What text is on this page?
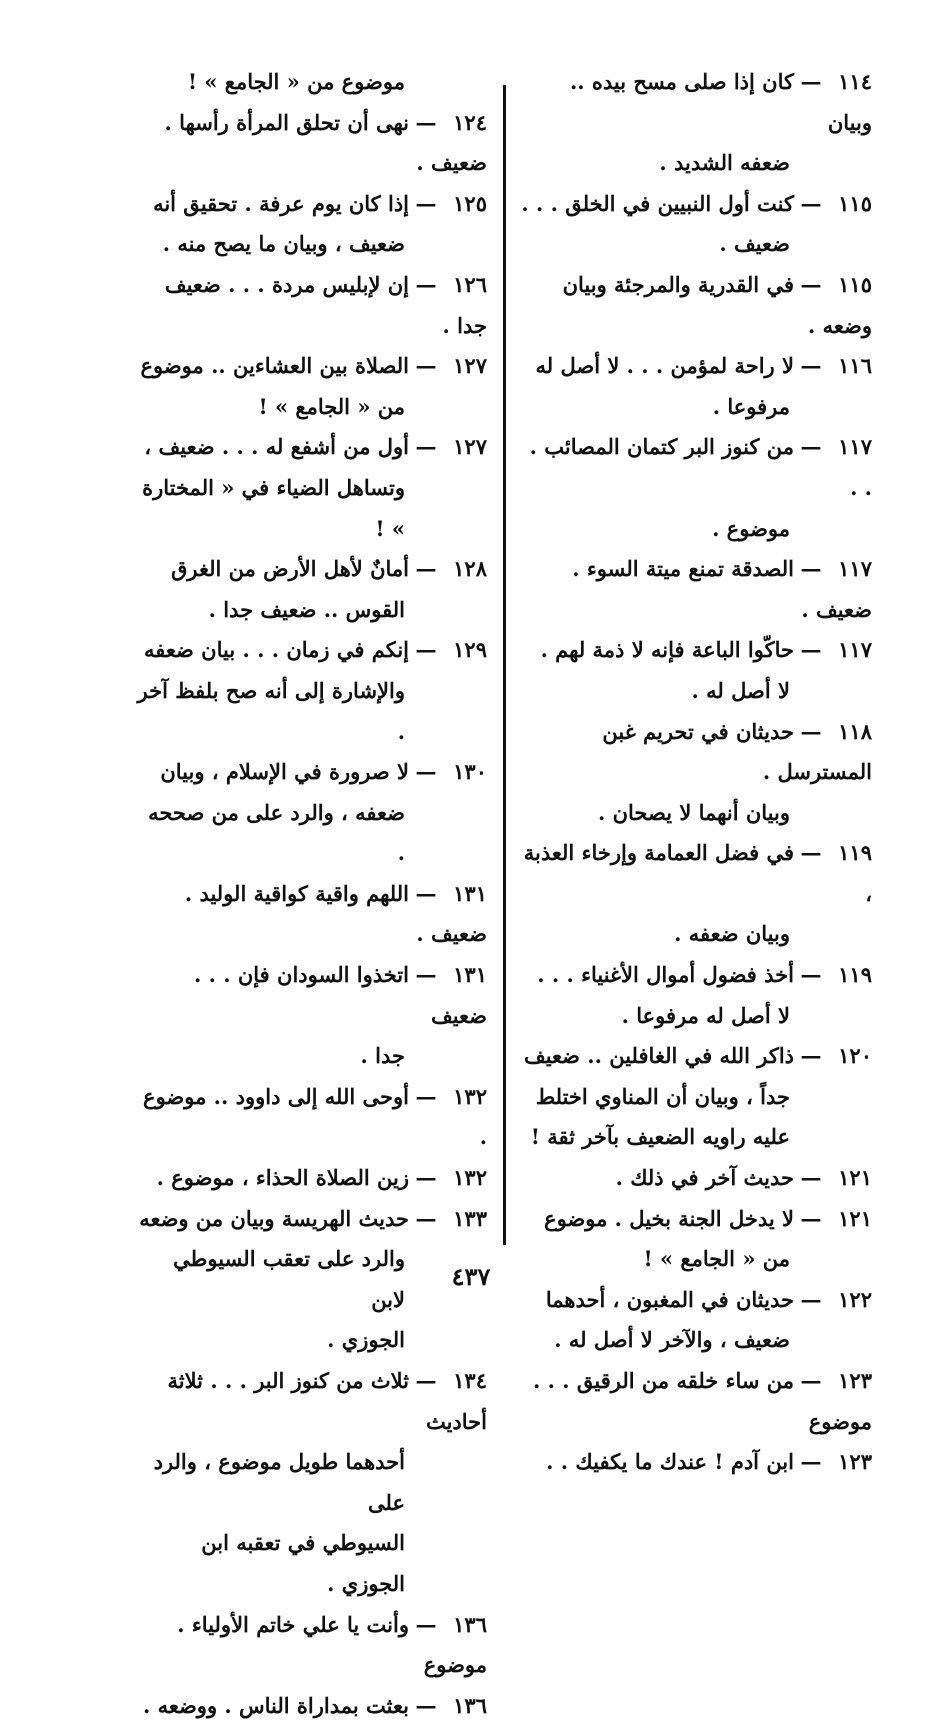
١١٤—كان إذا صلى مسح بيده .. وبيان
ضعفه الشديد .
١١٥—كنت أول النبيين في الخلق . . .
ضعيف .
١١٥—في القدرية والمرجئة وبيان وضعه .
١١٦—لا راحة لمؤمن . . . لا أصل له
مرفوعا .
١١٧—من كنوز البر كتمان المصائب . . .
موضوع .
١١٧—الصدقة تمنع ميتة السوء . ضعيف .
١١٧—حاكّوا الباعة فإنه لا ذمة لهم .
لا أصل له .
١١٨—حديثان في تحريم غبن المسترسل .
وبيان أنهما لا يصحان .
١١٩—في فضل العمامة وإرخاء العذبة ،
وبيان ضعفه .
١١٩—أخذ فضول أموال الأغنياء . . .
لا أصل له مرفوعا .
١٢٠—ذاكر الله في الغافلين .. ضعيف
جداً ، وبيان أن المناوي اختلط
عليه راويه الضعيف بآخر ثقة !
١٢١—حديث آخر في ذلك .
١٢١—لا يدخل الجنة بخيل . موضوع
من « الجامع » !
١٢٢—حديثان في المغبون ، أحدهما
ضعيف ، والآخر لا أصل له .
١٢٣—من ساء خلقه من الرقيق . . . موضوع
١٢٣—ابن آدم ! عندك ما يكفيك . .
موضوع من « الجامع » !
١٢٤—نهى أن تحلق المرأة رأسها . ضعيف .
١٢٥—إذا كان يوم عرفة . تحقيق أنه
ضعيف ، وبيان ما يصح منه .
١٢٦—إن لإبليس مردة . . . ضعيف جدا .
١٢٧—الصلاة بين العشاءين .. موضوع
من « الجامع » !
١٢٧—أول من أشفع له . . . ضعيف ،
وتساهل الضياء في « المختارة » !
١٢٨—أمانٌ لأهل الأرض من الغرق
القوس .. ضعيف جدا .
١٢٩—إنكم في زمان . . . بيان ضعفه
والإشارة إلى أنه صح بلفظ آخر .
١٣٠—لا صرورة في الإسلام ، وبيان
ضعفه ، والرد على من صححه .
١٣١—اللهم واقية كواقية الوليد . ضعيف .
١٣١—اتخذوا السودان فإن . . . ضعيف
جدا .
١٣٢—أوحى الله إلى داوود .. موضوع .
١٣٢—زين الصلاة الحذاء ، موضوع .
١٣٣—حديث الهريسة وبيان من وضعه
والرد على تعقب السيوطي لابن
الجوزي .
١٣٤—ثلاث من كنوز البر . . . ثلاثة أحاديث
أحدهما طويل موضوع ، والرد على
السيوطي في تعقبه ابن الجوزي .
١٣٦—وأنت يا علي خاتم الأولياء . موضوع
١٣٦—بعثت بمداراة الناس . ووضعه .
٤٣٧
